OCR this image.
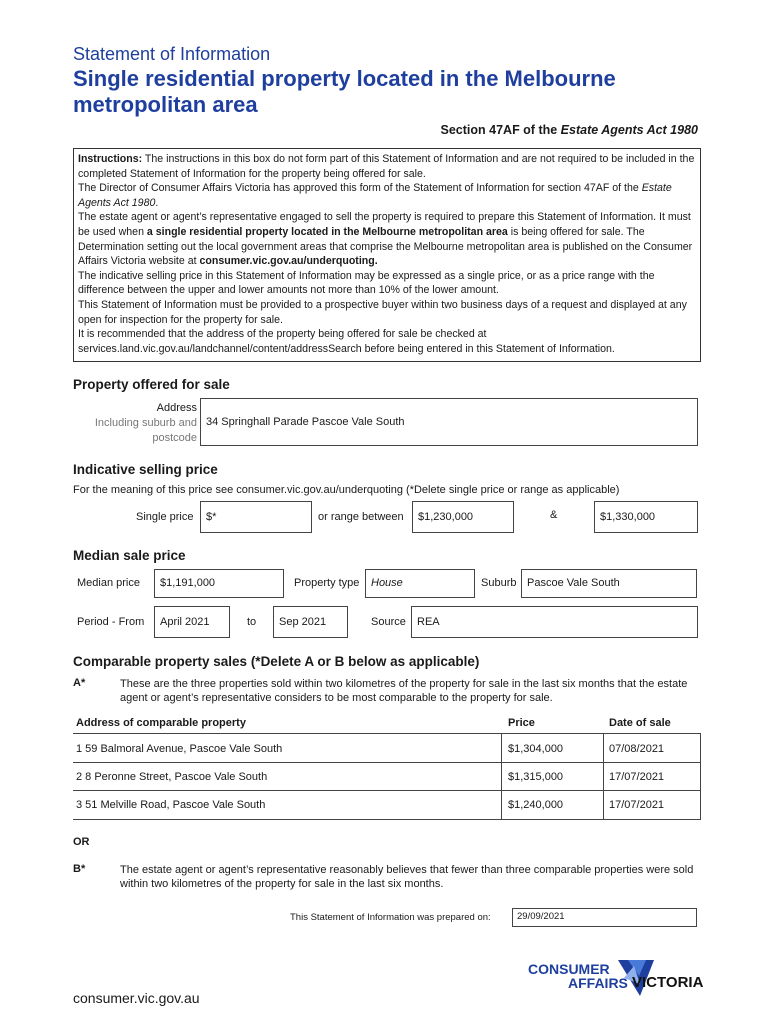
Statement of Information
Single residential property located in the Melbourne metropolitan area
Section 47AF of the Estate Agents Act 1980

Instructions: The instructions in this box do not form part of this Statement of Information and are not required to be included in the completed Statement of Information for the property being offered for sale.

The Director of Consumer Affairs Victoria has approved this form of the Statement of Information for section 47AF of the Estate Agents Act 1980.

The estate agent or agent’s representative engaged to sell the property is required to prepare this Statement of Information. It must be used when a single residential property located in the Melbourne metropolitan area is being offered for sale. The Determination setting out the local government areas that comprise the Melbourne metropolitan area is published on the Consumer Affairs Victoria website at consumer.vic.gov.au/underquoting.

The indicative selling price in this Statement of Information may be expressed as a single price, or as a price range with the difference between the upper and lower amounts not more than 10% of the lower amount.

This Statement of Information must be provided to a prospective buyer within two business days of a request and displayed at any open for inspection for the property for sale.

It is recommended that the address of the property being offered for sale be checked at services.land.vic.gov.au/landchannel/content/addressSearch before being entered in this Statement of Information.

Property offered for sale
Address
Including suburb and
postcode
34 Springhall Parade Pascoe Vale South
Indicative selling price
For the meaning of this price see consumer.vic.gov.au/underquoting (*Delete single price or range as applicable)
Single price	$*	or range between	$1,230,000	&	$1,330,000
Median sale price
Median price	$1,191,000	Property type	House	Suburb Pascoe Vale South
Period - From	April 2021	to	Sep 2021	Source	REA
Comparable property sales (*Delete A or B below as applicable)
A*	These are the three properties sold within two kilometres of the property for sale in the last six months that the estate agent or agent’s representative considers to be most comparable to the property for sale.
Address of comparable property	Price	Date of sale
1 59 Balmoral Avenue, Pascoe Vale South	$1,304,000	07/08/2021
2 8 Peronne Street, Pascoe Vale South	$1,315,000	17/07/2021
3 51 Melville Road, Pascoe Vale South	$1,240,000	17/07/2021
OR
B*	The estate agent or agent’s representative reasonably believes that fewer than three comparable properties were sold within two kilometres of the property for sale in the last six months.
This Statement of Information was prepared on:	29/09/2021
consumer.vic.gov.au
CONSUMER
AFFAIRS VICTORIA
